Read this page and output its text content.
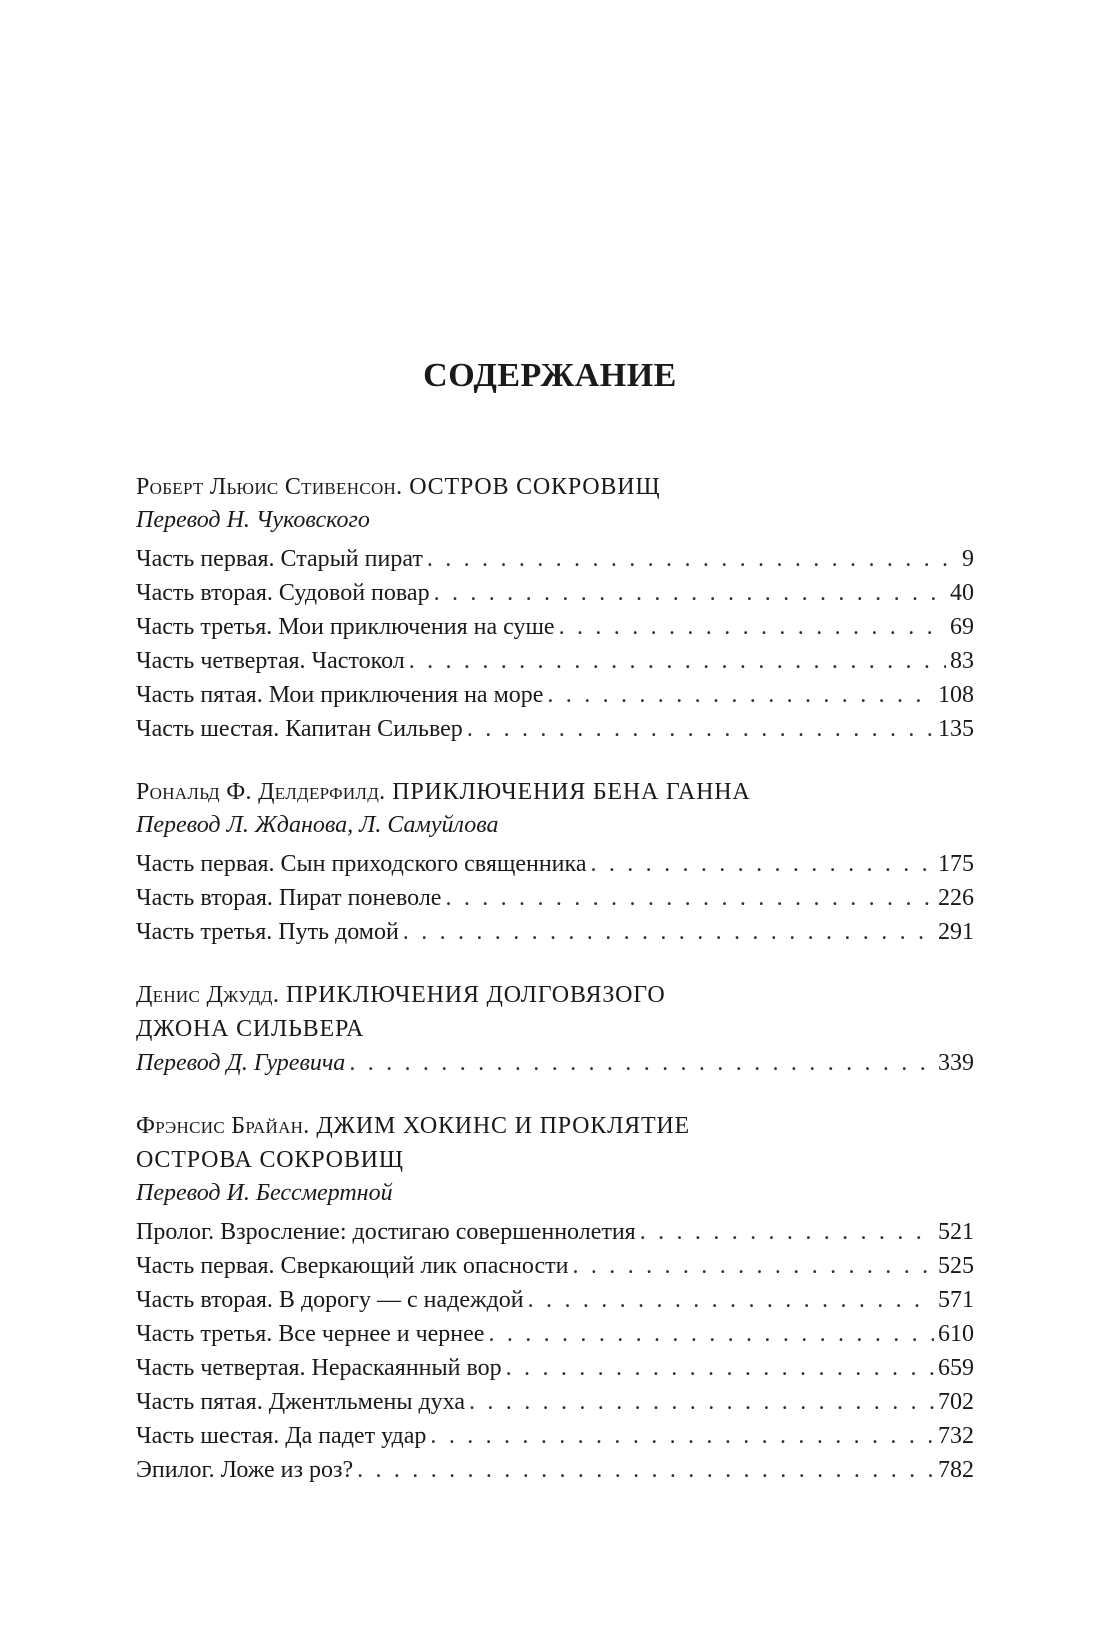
СОДЕРЖАНИЕ
Роберт Льюис Стивенсон. ОСТРОВ СОКРОВИЩ
Перевод Н. Чуковского
Часть первая. Старый пират . . .	9
Часть вторая. Судовой повар . . .	40
Часть третья. Мои приключения на суше . . .	69
Часть четвертая. Частокол . . .	83
Часть пятая. Мои приключения на море . . .	108
Часть шестая. Капитан Сильвер . . .	135
Рональд Ф. Делдерфилд. ПРИКЛЮЧЕНИЯ БЕНА ГАННА
Перевод Л. Жданова, Л. Самуйлова
Часть первая. Сын приходского священника . . .	175
Часть вторая. Пират поневоле . . .	226
Часть третья. Путь домой . . .	291
Денис Джудд. ПРИКЛЮЧЕНИЯ ДОЛГОВЯЗОГО
ДЖОНА СИЛЬВЕРА
Перевод Д. Гуревича . . .	339
Фрэнсис Брайан. ДЖИМ ХОКИНС И ПРОКЛЯТИЕ
ОСТРОВА СОКРОВИЩ
Перевод И. Бессмертной
Пролог. Взросление: достигаю совершеннолетия . . .	521
Часть первая. Сверкающий лик опасности . . .	525
Часть вторая. В дорогу — с надеждой . . .	571
Часть третья. Все чернее и чернее . . .	610
Часть четвертая. Нераскаянный вор . . .	659
Часть пятая. Джентльмены духа . . .	702
Часть шестая. Да падет удар . . .	732
Эпилог. Ложе из роз? . . .	782
